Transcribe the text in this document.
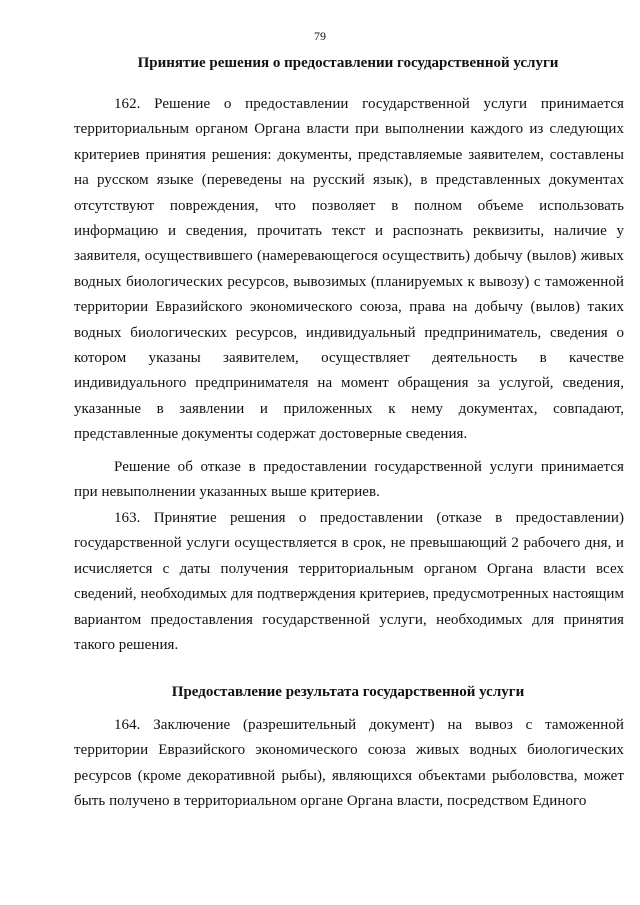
79
Принятие решения о предоставлении государственной услуги

162. Решение о предоставлении государственной услуги принимается территориальным органом Органа власти при выполнении каждого из следующих критериев принятия решения: документы, представляемые заявителем, составлены на русском языке (переведены на русский язык), в представленных документах отсутствуют повреждения, что позволяет в полном объеме использовать информацию и сведения, прочитать текст и распознать реквизиты, наличие у заявителя, осуществившего (намеревающегося осуществить) добычу (вылов) живых водных биологических ресурсов, вывозимых (планируемых к вывозу) с таможенной территории Евразийского экономического союза, права на добычу (вылов) таких водных биологических ресурсов, индивидуальный предприниматель, сведения о котором указаны заявителем, осуществляет деятельность в качестве индивидуального предпринимателя на момент обращения за услугой, сведения, указанные в заявлении и приложенных к нему документах, совпадают, представленные документы содержат достоверные сведения.

Решение об отказе в предоставлении государственной услуги принимается при невыполнении указанных выше критериев.

163. Принятие решения о предоставлении (отказе в предоставлении) государственной услуги осуществляется в срок, не превышающий 2 рабочего дня, и исчисляется с даты получения территориальным органом Органа власти всех сведений, необходимых для подтверждения критериев, предусмотренных настоящим вариантом предоставления государственной услуги, необходимых для принятия такого решения.

Предоставление результата государственной услуги

164. Заключение (разрешительный документ) на вывоз с таможенной территории Евразийского экономического союза живых водных биологических ресурсов (кроме декоративной рыбы), являющихся объектами рыболовства, может быть получено в территориальном органе Органа власти, посредством Единого
